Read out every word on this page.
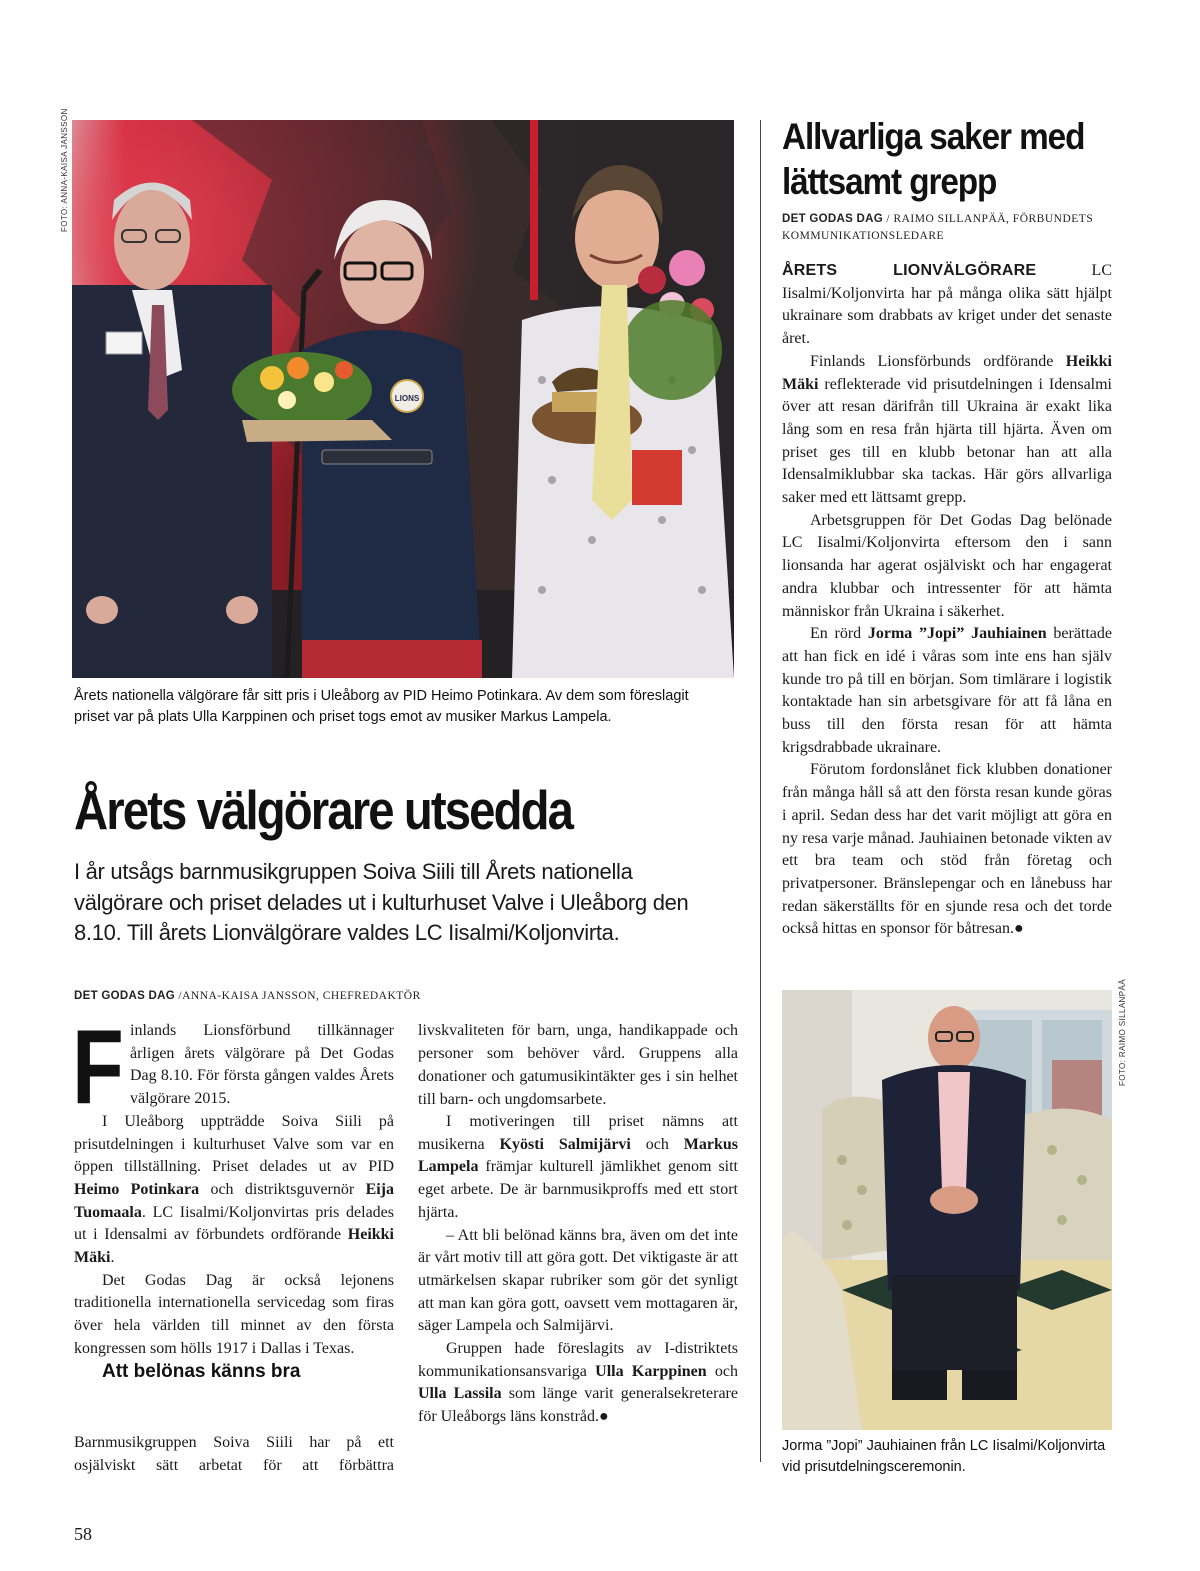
FOTO: ANNA-KAISA JANSSON
LIONS
Årets nationella välgörare får sitt pris i Uleåborg av PID Heimo Potinkara. Av dem som föreslagit priset var på plats Ulla Karppinen och priset togs emot av musiker Markus Lampela.
Årets välgörare utsedda
I år utsågs barnmusikgruppen Soiva Siili till Årets nationella välgörare och priset delades ut i kulturhuset Valve i Uleåborg den 8.10. Till årets Lionvälgörare valdes LC Iisalmi/Koljonvirta.
DET GODAS DAG /ANNA-KAISA JANSSON, CHEFREDAKTÖR

Finlands Lionsförbund tillkännager årligen årets välgörare på Det Godas Dag 8.10. För första gången valdes Årets välgörare 2015.

I Uleåborg uppträdde Soiva Siili på prisutdelningen i kulturhuset Valve som var en öppen tillställning. Priset delades ut av PID Heimo Potinkara och distriktsguvernör Eija Tuomaala. LC Iisalmi/Koljonvirtas pris delades ut i Idensalmi av förbundets ordförande Heikki Mäki.

Det Godas Dag är också lejonens traditionella internationella servicedag som firas över hela världen till minnet av den första kongressen som hölls 1917 i Dallas i Texas.

Att belönas känns bra

Barnmusikgruppen Soiva Siili har på ett osjälviskt sätt arbetat för att förbättra

livskvaliteten för barn, unga, handikappade och personer som behöver vård. Gruppens alla donationer och gatumusikintäkter ges i sin helhet till barn- och ungdomsarbete.

I motiveringen till priset nämns att musikerna Kyösti Salmijärvi och Markus Lampela främjar kulturell jämlikhet genom sitt eget arbete. De är barnmusikproffs med ett stort hjärta.

– Att bli belönad känns bra, även om det inte är vårt motiv till att göra gott. Det viktigaste är att utmärkelsen skapar rubriker som gör det synligt att man kan göra gott, oavsett vem mottagaren är, säger Lampela och Salmijärvi.

Gruppen hade föreslagits av I-distriktets kommunikationsansvariga Ulla Karppinen och Ulla Lassila som länge varit generalsekreterare för Uleåborgs läns konstråd.●

Allvarliga saker med lättsamt grepp
DET GODAS DAG / RAIMO SILLANPÄÄ, FÖRBUNDETS KOMMUNIKATIONSLEDARE

ÅRETS LIONVÄLGÖRARE LC Iisalmi/Koljonvirta har på många olika sätt hjälpt ukrainare som drabbats av kriget under det senaste året.

Finlands Lionsförbunds ordförande Heikki Mäki reflekterade vid prisutdelningen i Idensalmi över att resan därifrån till Ukraina är exakt lika lång som en resa från hjärta till hjärta. Även om priset ges till en klubb betonar han att alla Idensalmiklubbar ska tackas. Här görs allvarliga saker med ett lättsamt grepp.

Arbetsgruppen för Det Godas Dag belönade LC Iisalmi/Koljonvirta eftersom den i sann lionsanda har agerat osjälviskt och har engagerat andra klubbar och intressenter för att hämta människor från Ukraina i säkerhet.

En rörd Jorma ”Jopi” Jauhiainen berättade att han fick en idé i våras som inte ens han själv kunde tro på till en början. Som timlärare i logistik kontaktade han sin arbetsgivare för att få låna en buss till den första resan för att hämta krigsdrabbade ukrainare.

Förutom fordonslånet fick klubben donationer från många håll så att den första resan kunde göras i april. Sedan dess har det varit möjligt att göra en ny resa varje månad. Jauhiainen betonade vikten av ett bra team och stöd från företag och privatpersoner. Bränslepengar och en lånebuss har redan säkerställts för en sjunde resa och det torde också hittas en sponsor för båtresan.●

FOTO: RAIMO SILLANPÄÄ
Jorma ”Jopi” Jauhiainen från LC Iisalmi/Koljonvirta vid prisutdelningsceremonin.
58
